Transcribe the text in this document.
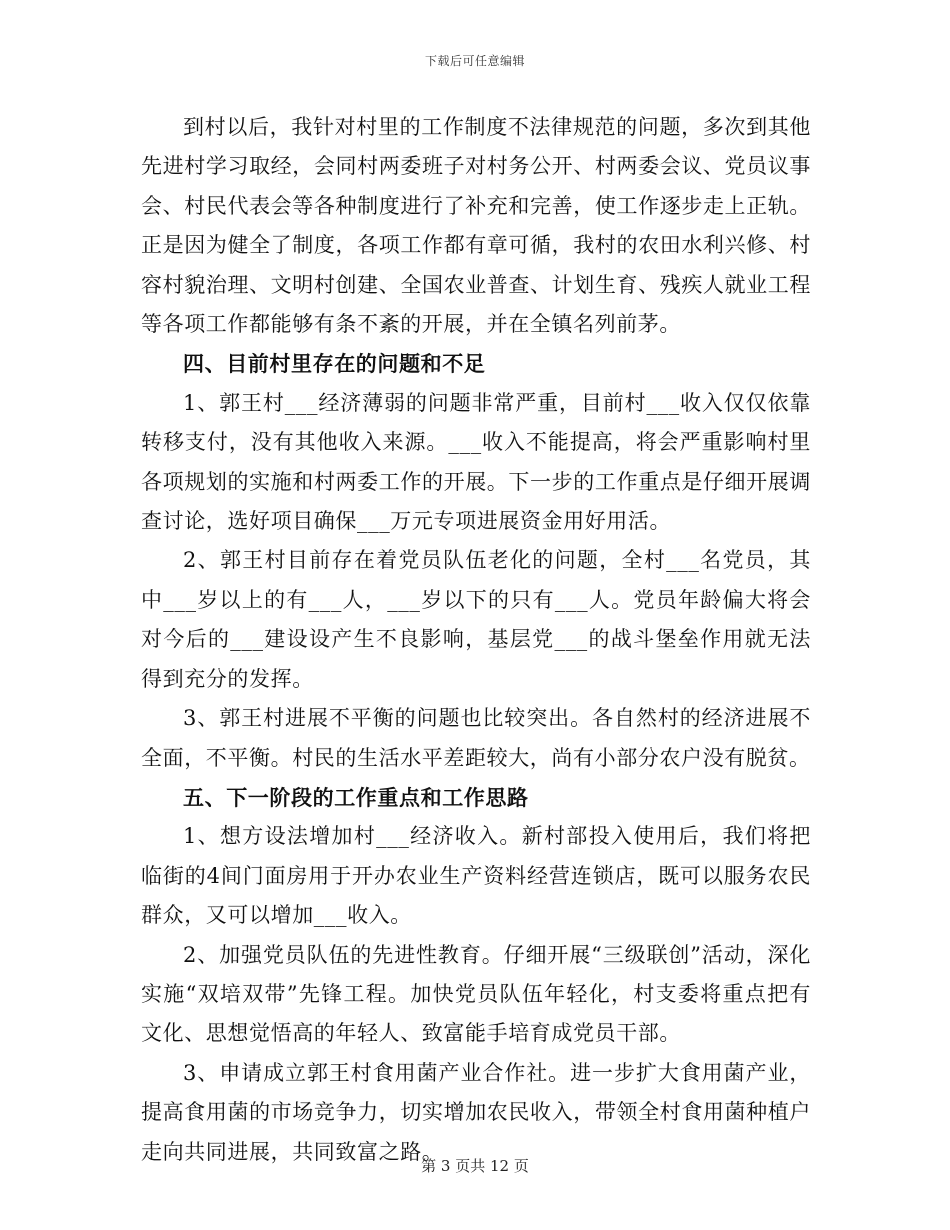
下载后可任意编辑

到村以后，我针对村里的工作制度不法律规范的问题，多次到其他先进村学习取经，会同村两委班子对村务公开、村两委会议、党员议事会、村民代表会等各种制度进行了补充和完善，使工作逐步走上正轨。正是因为健全了制度，各项工作都有章可循，我村的农田水利兴修、村容村貌治理、文明村创建、全国农业普查、计划生育、残疾人就业工程等各项工作都能够有条不紊的开展，并在全镇名列前茅。

四、目前村里存在的问题和不足

1、郭王村___经济薄弱的问题非常严重，目前村___收入仅仅依靠转移支付，没有其他收入来源。___收入不能提高，将会严重影响村里各项规划的实施和村两委工作的开展。下一步的工作重点是仔细开展调查讨论，选好项目确保___万元专项进展资金用好用活。

2、郭王村目前存在着党员队伍老化的问题，全村___名党员，其中___岁以上的有___人，___岁以下的只有___人。党员年龄偏大将会对今后的___建设设产生不良影响，基层党___的战斗堡垒作用就无法得到充分的发挥。

3、郭王村进展不平衡的问题也比较突出。各自然村的经济进展不全面，不平衡。村民的生活水平差距较大，尚有小部分农户没有脱贫。

五、下一阶段的工作重点和工作思路

1、想方设法增加村___经济收入。新村部投入使用后，我们将把临街的4间门面房用于开办农业生产资料经营连锁店，既可以服务农民群众，又可以增加___收入。

2、加强党员队伍的先进性教育。仔细开展“三级联创”活动，深化实施“双培双带”先锋工程。加快党员队伍年轻化，村支委将重点把有文化、思想觉悟高的年轻人、致富能手培育成党员干部。

3、申请成立郭王村食用菌产业合作社。进一步扩大食用菌产业，提高食用菌的市场竞争力，切实增加农民收入，带领全村食用菌种植户走向共同进展，共同致富之路。

第 3 页共 12 页
